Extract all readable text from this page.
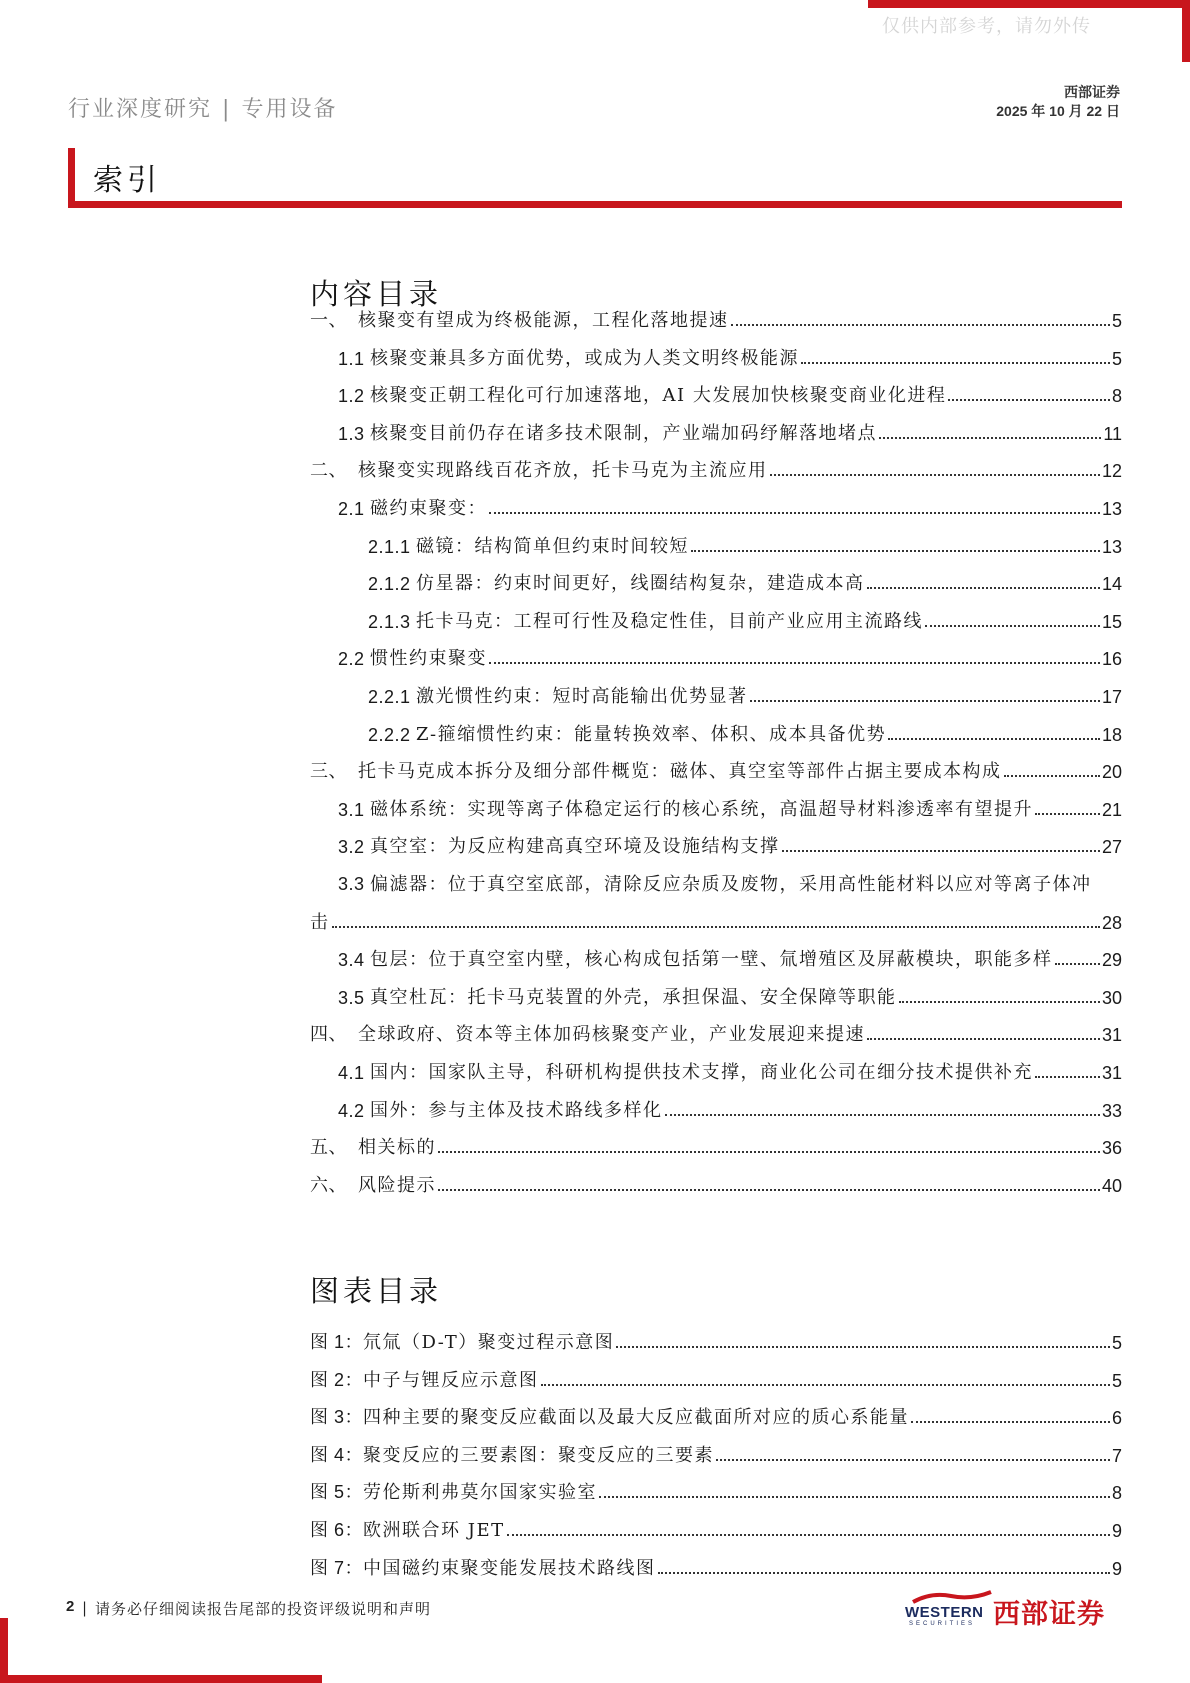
仅供内部参考，请勿外传
行业深度研究 | 专用设备
西部证券
2025 年 10 月 22 日
索引
内容目录
一、 核聚变有望成为终极能源，工程化落地提速	5
1.1 核聚变兼具多方面优势，或成为人类文明终极能源	5
1.2 核聚变正朝工程化可行加速落地，AI 大发展加快核聚变商业化进程	8
1.3 核聚变目前仍存在诸多技术限制，产业端加码纾解落地堵点	11
二、 核聚变实现路线百花齐放，托卡马克为主流应用	12
2.1 磁约束聚变：	13
2.1.1 磁镜：结构简单但约束时间较短	13
2.1.2 仿星器：约束时间更好，线圈结构复杂，建造成本高	14
2.1.3 托卡马克：工程可行性及稳定性佳，目前产业应用主流路线	15
2.2 惯性约束聚变	16
2.2.1 激光惯性约束：短时高能输出优势显著	17
2.2.2 Z-箍缩惯性约束：能量转换效率、体积、成本具备优势	18
三、 托卡马克成本拆分及细分部件概览：磁体、真空室等部件占据主要成本构成	20
3.1 磁体系统：实现等离子体稳定运行的核心系统，高温超导材料渗透率有望提升	21
3.2 真空室：为反应构建高真空环境及设施结构支撑	27
3.3 偏滤器：位于真空室底部，清除反应杂质及废物，采用高性能材料以应对等离子体冲
击	28
3.4 包层：位于真空室内壁，核心构成包括第一壁、氚增殖区及屏蔽模块，职能多样	29
3.5 真空杜瓦：托卡马克装置的外壳，承担保温、安全保障等职能	30
四、 全球政府、资本等主体加码核聚变产业，产业发展迎来提速	31
4.1 国内：国家队主导，科研机构提供技术支撑，商业化公司在细分技术提供补充	31
4.2 国外：参与主体及技术路线多样化	33
五、 相关标的	36
六、 风险提示	40
图表目录
图 1： 氘氚（D-T）聚变过程示意图	5
图 2： 中子与锂反应示意图	5
图 3： 四种主要的聚变反应截面以及最大反应截面所对应的质心系能量	6
图 4： 聚变反应的三要素图：聚变反应的三要素	7
图 5： 劳伦斯利弗莫尔国家实验室	8
图 6： 欧洲联合环 JET	9
图 7： 中国磁约束聚变能发展技术路线图	9
2 | 请务必仔细阅读报告尾部的投资评级说明和声明	WESTERN
SECURITIES 西部证券
